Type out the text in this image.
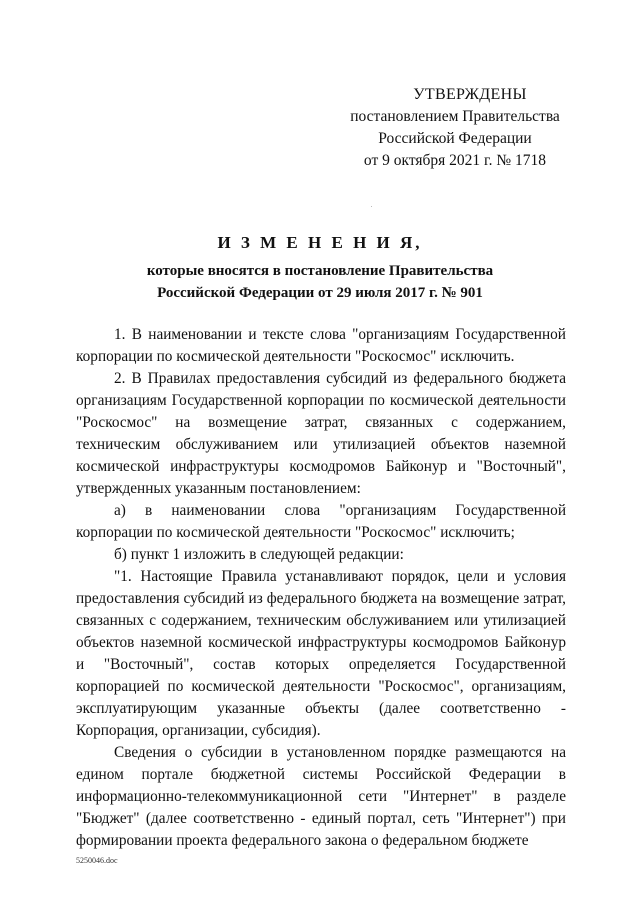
УТВЕРЖДЕНЫ
постановлением Правительства
Российской Федерации
от 9 октября 2021 г. № 1718
И З М Е Н Е Н И Я,
которые вносятся в постановление Правительства
Российской Федерации от 29 июля 2017 г. № 901

1. В наименовании и тексте слова "организациям Государственной корпорации по космической деятельности "Роскосмос" исключить.

2. В Правилах предоставления субсидий из федерального бюджета организациям Государственной корпорации по космической деятельности "Роскосмос" на возмещение затрат, связанных с содержанием, техническим обслуживанием или утилизацией объектов наземной космической инфраструктуры космодромов Байконур и "Восточный", утвержденных указанным постановлением:

а) в наименовании слова "организациям Государственной корпорации по космической деятельности "Роскосмос" исключить;

б) пункт 1 изложить в следующей редакции:

"1. Настоящие Правила устанавливают порядок, цели и условия предоставления субсидий из федерального бюджета на возмещение затрат, связанных с содержанием, техническим обслуживанием или утилизацией объектов наземной космической инфраструктуры космодромов Байконур и "Восточный", состав которых определяется Государственной корпорацией по космической деятельности "Роскосмос", организациям, эксплуатирующим указанные объекты (далее соответственно - Корпорация, организации, субсидия).

Сведения о субсидии в установленном порядке размещаются на едином портале бюджетной системы Российской Федерации в информационно-телекоммуникационной сети "Интернет" в разделе "Бюджет" (далее соответственно - единый портал, сеть "Интернет") при формировании проекта федерального закона о федеральном бюджете

5250046.doc
